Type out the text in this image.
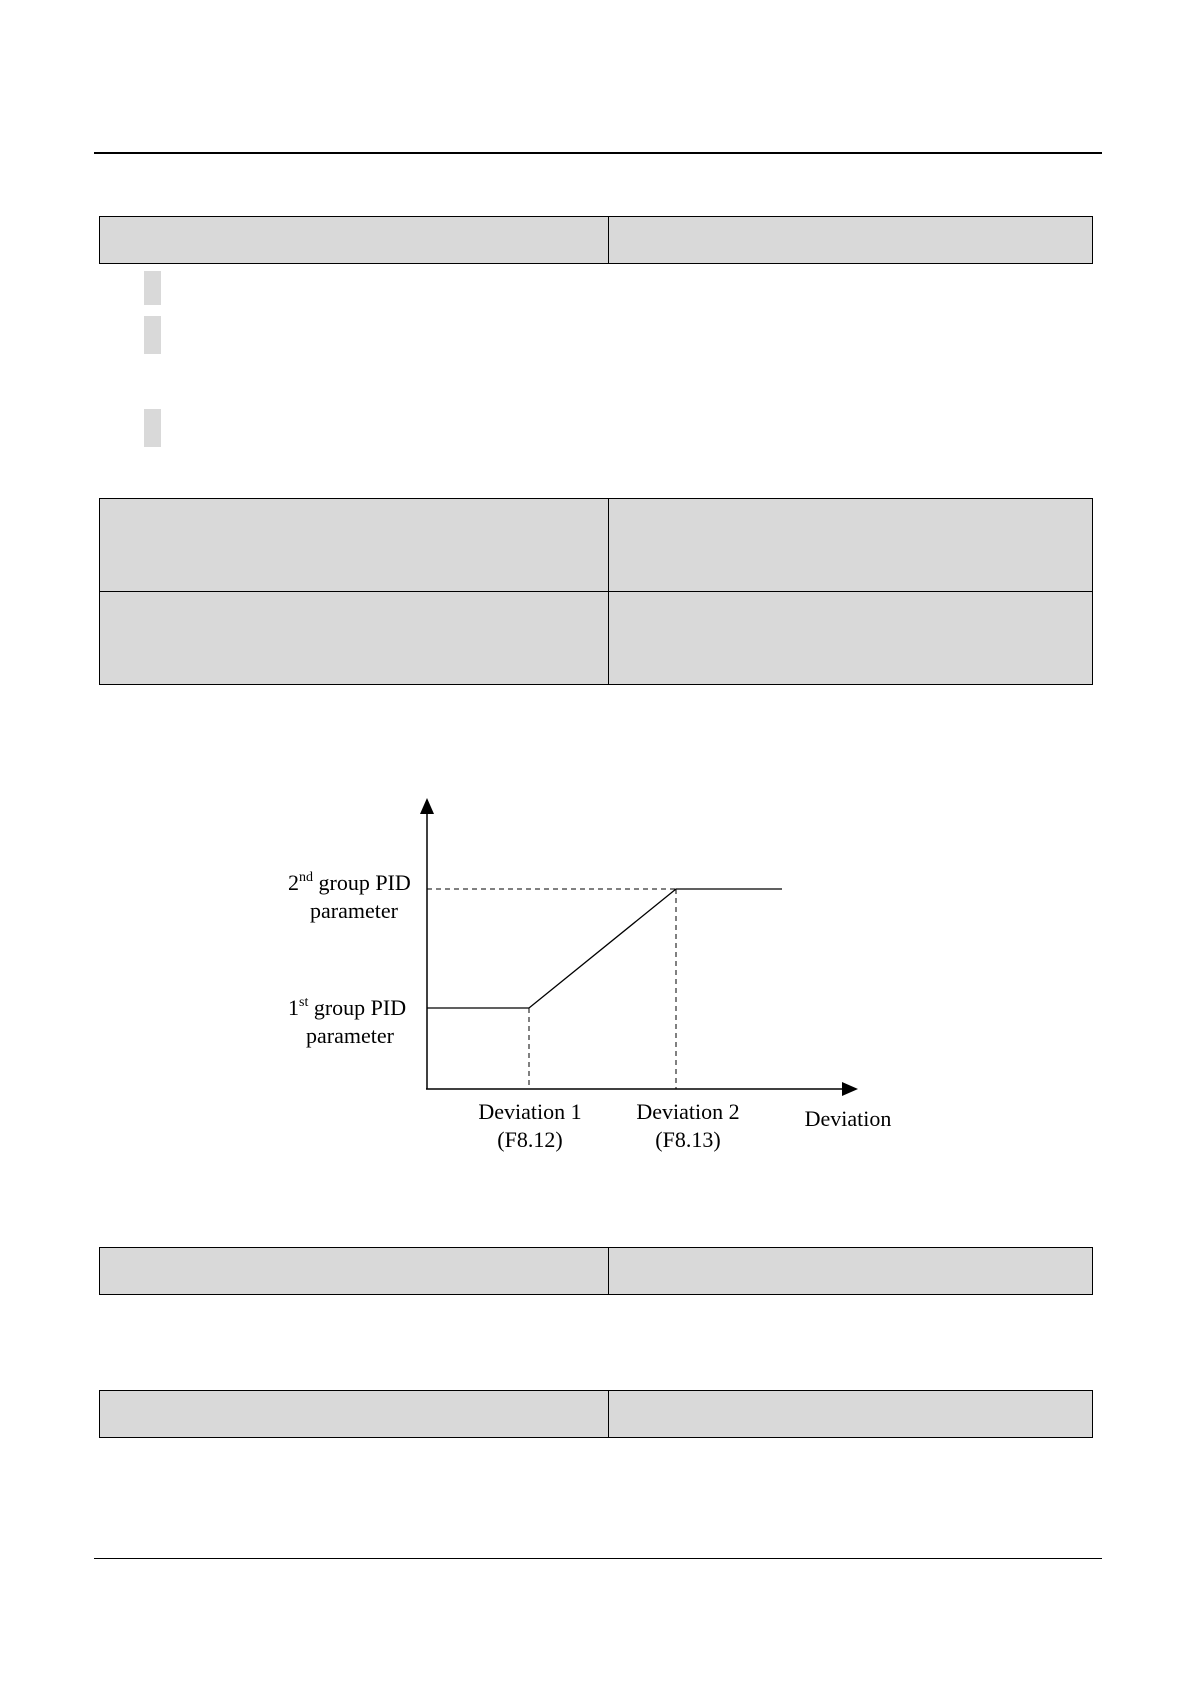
2nd group PID
parameter
1st group PID
parameter
Deviation 1
(F8.12)
Deviation 2
(F8.13)
Deviation
